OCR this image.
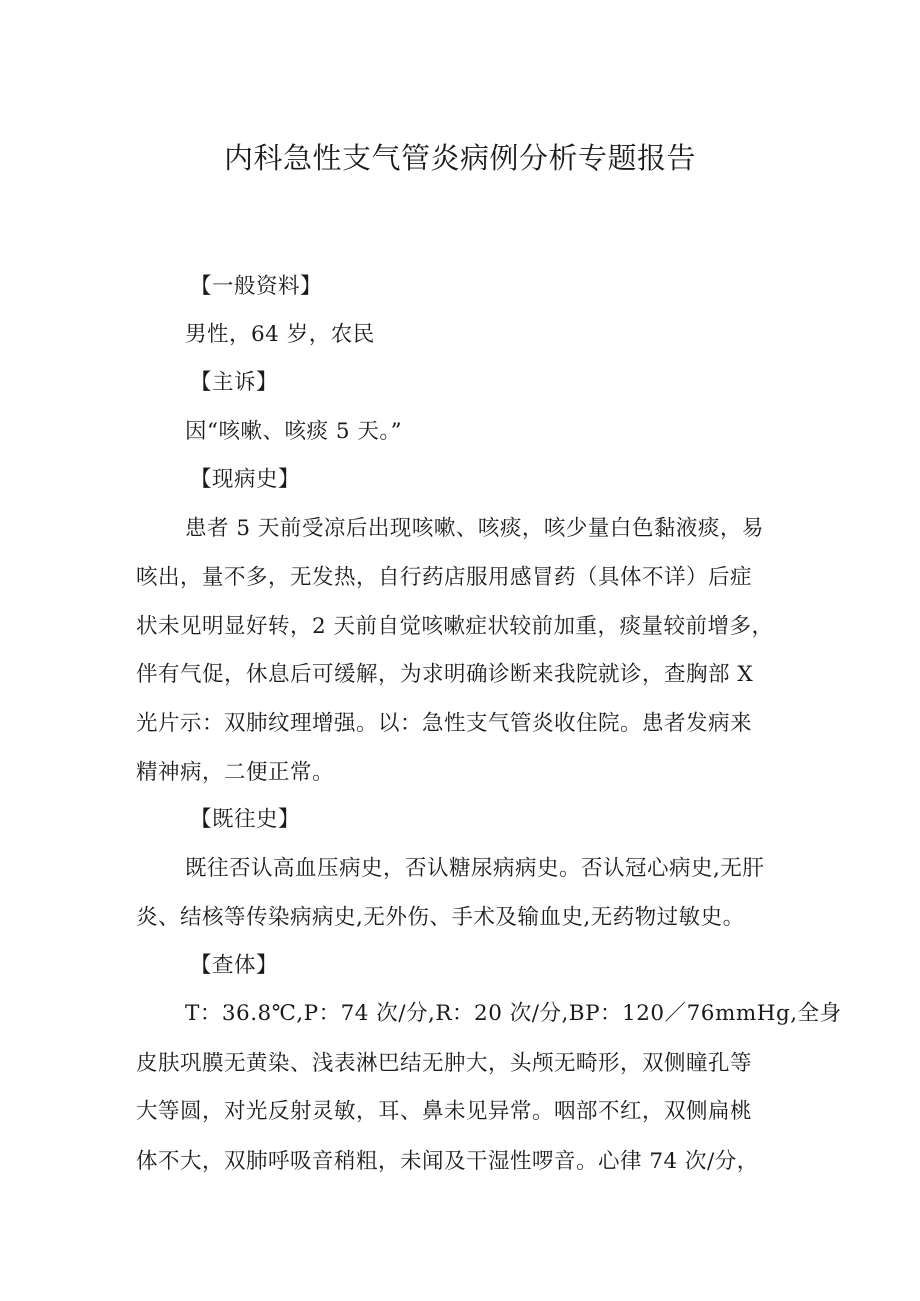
内科急性支气管炎病例分析专题报告
【一般资料】
男性，64 岁，农民
【主诉】
因“咳嗽、咳痰 5 天。”
【现病史】
患者 5 天前受凉后出现咳嗽、咳痰，咳少量白色黏液痰，易
咳出，量不多，无发热，自行药店服用感冒药（具体不详）后症
状未见明显好转，2 天前自觉咳嗽症状较前加重，痰量较前增多，
伴有气促，休息后可缓解，为求明确诊断来我院就诊，查胸部 X
光片示：双肺纹理增强。以：急性支气管炎收住院。患者发病来
精神病，二便正常。
【既往史】
既往否认高血压病史，否认糖尿病病史。否认冠心病史,无肝
炎、结核等传染病病史,无外伤、手术及输血史,无药物过敏史。
【查体】
T：36.8℃,P：74 次/分,R：20 次/分,BP：120／76mmHg,全身
皮肤巩膜无黄染、浅表淋巴结无肿大，头颅无畸形，双侧瞳孔等
大等圆，对光反射灵敏，耳、鼻未见异常。咽部不红，双侧扁桃
体不大，双肺呼吸音稍粗，未闻及干湿性啰音。心律 74 次/分，
